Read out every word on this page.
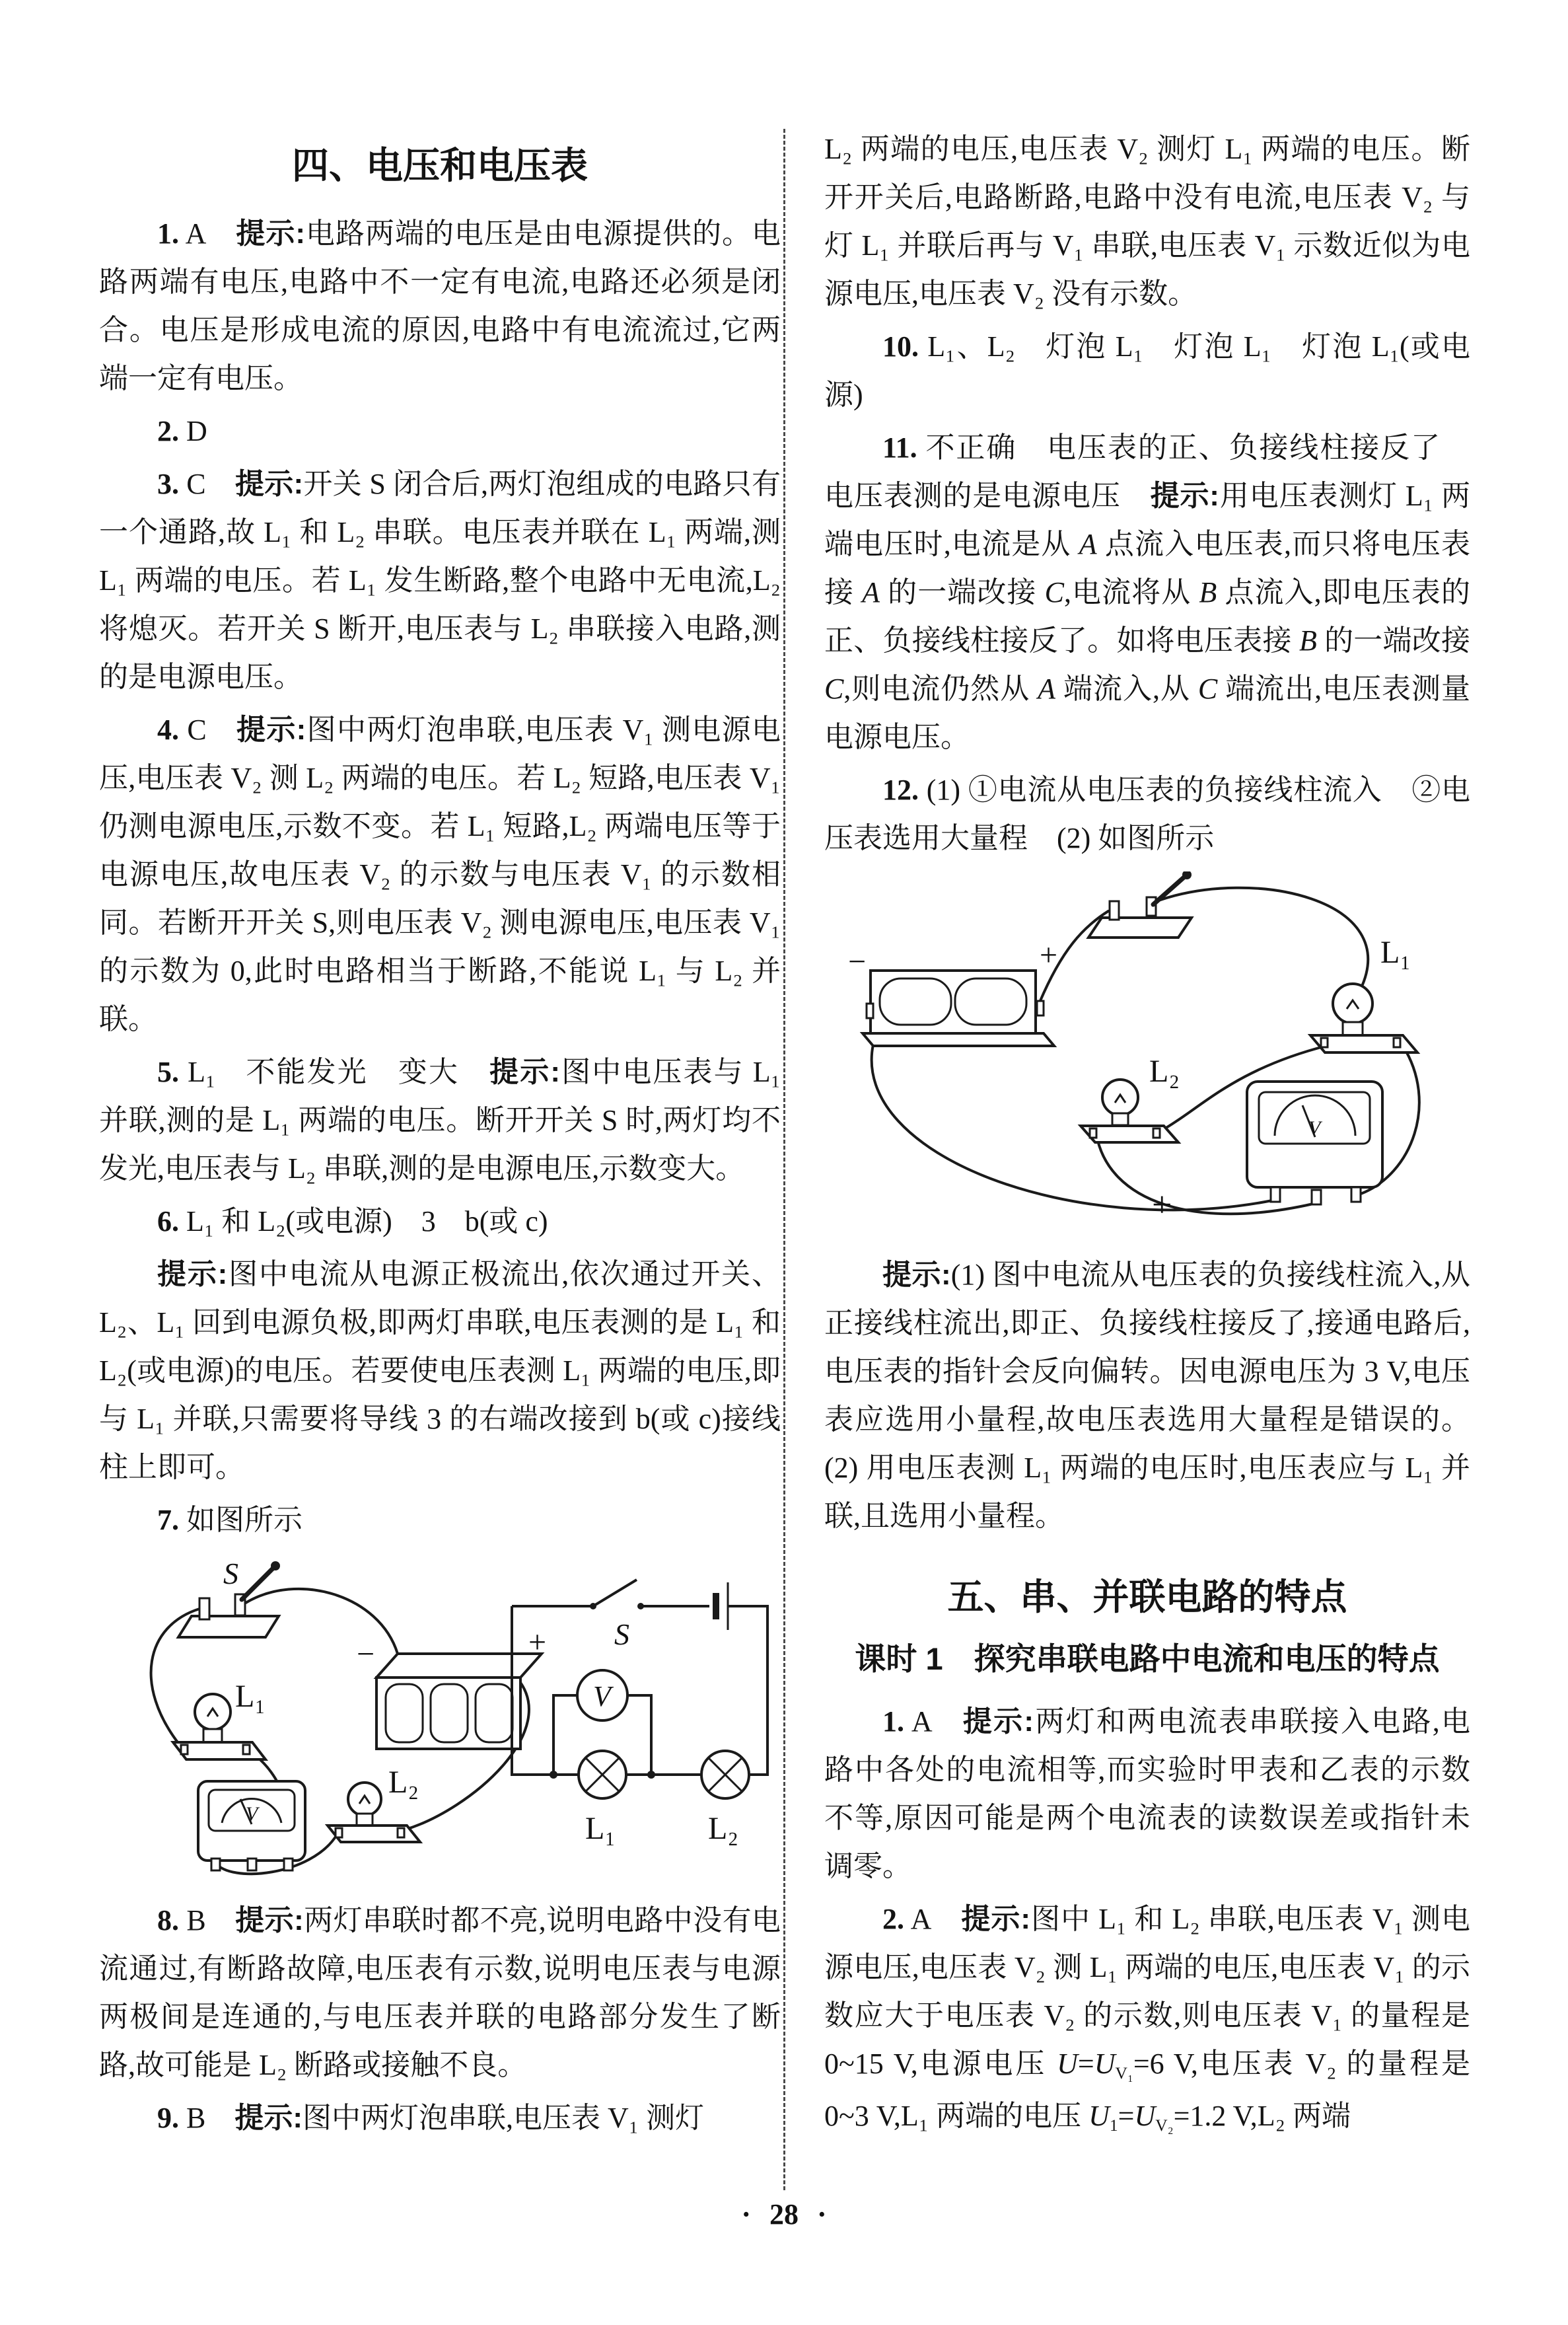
四、电压和电压表

1. A 提示:电路两端的电压是由电源提供的。电路两端有电压,电路中不一定有电流,电路还必须是闭合。电压是形成电流的原因,电路中有电流流过,它两端一定有电压。

2. D

3. C 提示:开关 S 闭合后,两灯泡组成的电路只有一个通路,故 L₁ 和 L₂ 串联。电压表并联在 L₁ 两端,测 L₁ 两端的电压。若 L₁ 发生断路,整个电路中无电流,L₂ 将熄灭。若开关 S 断开,电压表与 L₂ 串联接入电路,测的是电源电压。

4. C 提示:图中两灯泡串联,电压表 V₁ 测电源电压,电压表 V₂ 测 L₂ 两端的电压。若 L₂ 短路,电压表 V₁ 仍测电源电压,示数不变。若 L₁ 短路,L₂ 两端电压等于电源电压,故电压表 V₂ 的示数与电压表 V₁ 的示数相同。若断开开关 S,则电压表 V₂ 测电源电压,电压表 V₁ 的示数为 0,此时电路相当于断路,不能说 L₁ 与 L₂ 并联。

5. L₁ 不能发光 变大 提示:图中电压表与 L₁ 并联,测的是 L₁ 两端的电压。断开开关 S 时,两灯均不发光,电压表与 L₂ 串联,测的是电源电压,示数变大。

6. L₁ 和 L₂(或电源) 3 b(或 c)

提示:图中电流从电源正极流出,依次通过开关、L₂、L₁ 回到电源负极,即两灯串联,电压表测的是 L₁ 和 L₂(或电源)的电压。若要使电压表测 L₁ 两端的电压,即与 L₁ 并联,只需要将导线 3 的右端改接到 b(或 c)接线柱上即可。

7. 如图所示

S
−	+
L₁
V
L₂
S
V
L₁	L₂

8. B 提示:两灯串联时都不亮,说明电路中没有电流通过,有断路故障,电压表有示数,说明电压表与电源两极间是连通的,与电压表并联的电路部分发生了断路,故可能是 L₂ 断路或接触不良。

9. B 提示:图中两灯泡串联,电压表 V₁ 测灯

L₂ 两端的电压,电压表 V₂ 测灯 L₁ 两端的电压。断开开关后,电路断路,电路中没有电流,电压表 V₂ 与灯 L₁ 并联后再与 V₁ 串联,电压表 V₁ 示数近似为电源电压,电压表 V₂ 没有示数。

10. L₁、L₂ 灯泡 L₁ 灯泡 L₁ 灯泡 L₁(或电源)

11. 不正确 电压表的正、负接线柱接反了 电压表测的是电源电压 提示:用电压表测灯 L₁ 两端电压时,电流是从 A 点流入电压表,而只将电压表接 A 的一端改接 C,电流将从 B 点流入,即电压表的正、负接线柱接反了。如将电压表接 B 的一端改接 C,则电流仍然从 A 端流入,从 C 端流出,电压表测量电源电压。

12. (1) ①电流从电压表的负接线柱流入 ②电压表选用大量程 (2) 如图所示

−	+	L₁
L₂
V
+

提示:(1) 图中电流从电压表的负接线柱流入,从正接线柱流出,即正、负接线柱接反了,接通电路后,电压表的指针会反向偏转。因电源电压为 3 V,电压表应选用小量程,故电压表选用大量程是错误的。(2) 用电压表测 L₁ 两端的电压时,电压表应与 L₁ 并联,且选用小量程。

五、串、并联电路的特点

课时 1 探究串联电路中电流和电压的特点

1. A 提示:两灯和两电流表串联接入电路,电路中各处的电流相等,而实验时甲表和乙表的示数不等,原因可能是两个电流表的读数误差或指针未调零。

2. A 提示:图中 L₁ 和 L₂ 串联,电压表 V₁ 测电源电压,电压表 V₂ 测 L₁ 两端的电压,电压表 V₁ 的示数应大于电压表 V₂ 的示数,则电压表 V₁ 的量程是 0~15 V,电源电压 U=UV₁=6 V,电压表 V₂ 的量程是 0~3 V,L₁ 两端的电压 U1=UV₂=1.2 V,L₂ 两端

· 28 ·
